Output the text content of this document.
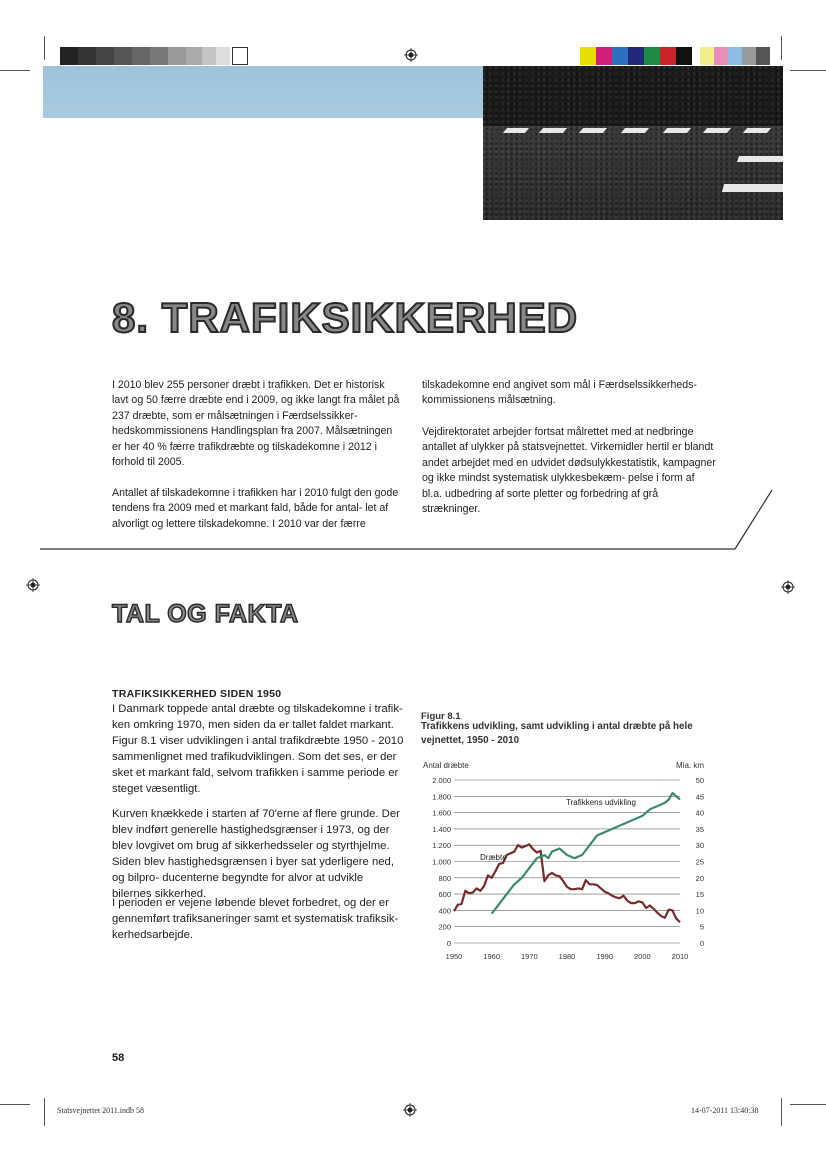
8. TRAFIKSIKKERHED

I 2010 blev 255 personer dræbt i trafikken. Det er historisk lavt og 50 færre dræbte end i 2009, og ikke langt fra målet på 237 dræbte, som er målsætningen i Færdselssikker- hedskommissionens Handlingsplan fra 2007. Målsætningen er her 40 % færre trafikdræbte og tilskadekomne i 2012 i forhold til 2005.

Antallet af tilskadekomne i trafikken har i 2010 fulgt den gode tendens fra 2009 med et markant fald, både for antal- let af alvorligt og lettere tilskadekomne. I 2010 var der færre

tilskadekomne end angivet som mål i Færdselssikkerheds- kommissionens målsætning.

Vejdirektoratet arbejder fortsat målrettet med at nedbringe antallet af ulykker på statsvejnettet. Virkemidler hertil er blandt andet arbejdet med en udvidet dødsulykkestatistik, kampagner og ikke mindst systematisk ulykkesbekæm- pelse i form af bl.a. udbedring af sorte pletter og forbedring af grå strækninger.

TAL OG FAKTA

TRAFIKSIKKERHED SIDEN 1950

I Danmark toppede antal dræbte og tilskadekomne i trafik- ken omkring 1970, men siden da er tallet faldet markant. Figur 8.1 viser udviklingen i antal trafikdræbte 1950 - 2010 sammenlignet med trafikudviklingen. Som det ses, er der sket et markant fald, selvom trafikken i samme periode er steget væsentligt.

Kurven knækkede i starten af 70'erne af flere grunde. Der blev indført generelle hastighedsgrænser i 1973, og der blev lovgivet om brug af sikkerhedsseler og styrthjelme. Siden blev hastighedsgrænsen i byer sat yderligere ned, og bilpro- ducenterne begyndte for alvor at udvikle bilernes sikkerhed.

I perioden er vejene løbende blevet forbedret, og der er gennemført trafiksaneringer samt et systematisk trafiksik- kerhedsarbejde.

Figur 8.1
Trafikkens udvikling, samt udvikling i antal dræbte på hele
vejnettet, 1950 - 2010
Antal dræbte	Mia. km
0	0
200	5
400	10
600	15
800	20
1.000	25
1.200	30
1.400	35
1.600	40
1.800	45
2.000	50
1950	1960	1970	1980	1990	2000	2010
Dræbte
Trafikkens udvikling
58
Statsvejnettet 2011.indb 58	14-07-2011 13:40:38
